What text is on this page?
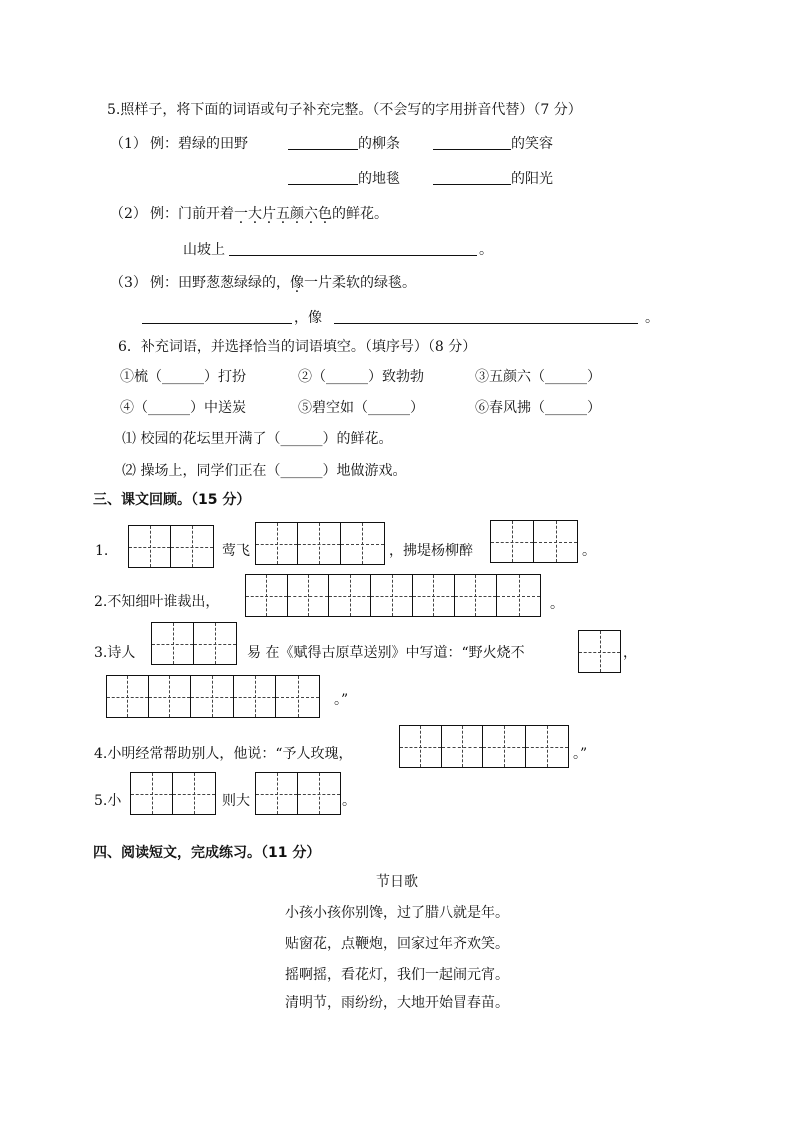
5.照样子，将下面的词语或句子补充完整。（不会写的字用拼音代替）（7 分）
（1） 例：碧绿的田野	的柳条	的笑容
的地毯	的阳光
（2） 例：门前开着一大片五颜六色的鲜花。
山坡上	。
（3） 例：田野葱葱绿绿的，像一片柔软的绿毯。
，像	。
6．补充词语，并选择恰当的词语填空。（填序号）（8 分）
①梳（______）打扮	②（______）致勃勃	③五颜六（______）
④（______）中送炭	⑤碧空如（______）	⑥春风拂（______）
⑴ 校园的花坛里开满了（______）的鲜花。
⑵ 操场上，同学们正在（______）地做游戏。
三、课文回顾。（15 分）
1.	莺飞	，拂堤杨柳醉	。
2.不知细叶谁裁出，	。
3.诗人	易 在《赋得古原草送别》中写道：“野火烧不	，
。”
4.小明经常帮助别人，他说：“予人玫瑰，	。”
5.小	则大	。
四、阅读短文，完成练习。（11 分）
节日歌
小孩小孩你别馋，过了腊八就是年。
贴窗花，点鞭炮，回家过年齐欢笑。
摇啊摇，看花灯，我们一起闹元宵。
清明节，雨纷纷，大地开始冒春苗。
